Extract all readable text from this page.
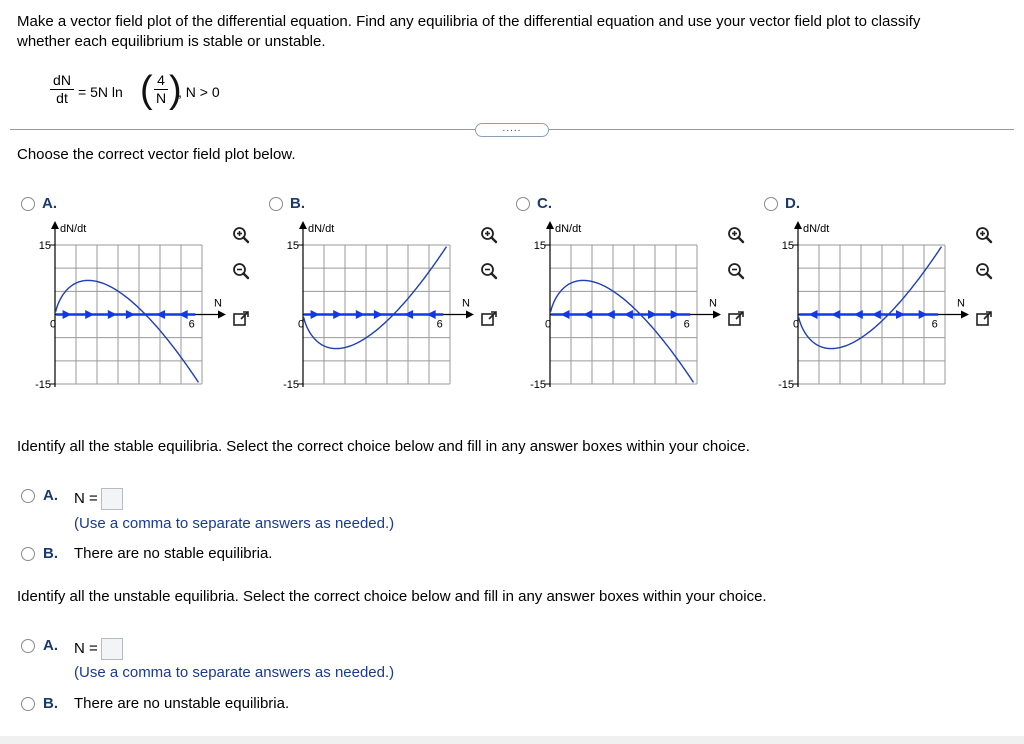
Make a vector field plot of the differential equation. Find any equilibria of the differential equation and use your vector field plot to classify
whether each equilibrium is stable or unstable.
dN
dt = 5N ln ( 4
N )
, N > 0
.....
Choose the correct vector field plot below.
A.
dN/dt
15
-15
0	6
N
B.
dN/dt
15
-15
0	6
N
C.
dN/dt
15
-15
0	6
N
D.
dN/dt
15
-15
0	6
N
Identify all the stable equilibria. Select the correct choice below and fill in any answer boxes within your choice.
A. N =
(Use a comma to separate answers as needed.)
B. There are no stable equilibria.
Identify all the unstable equilibria. Select the correct choice below and fill in any answer boxes within your choice.
A. N =
(Use a comma to separate answers as needed.)
B. There are no unstable equilibria.
